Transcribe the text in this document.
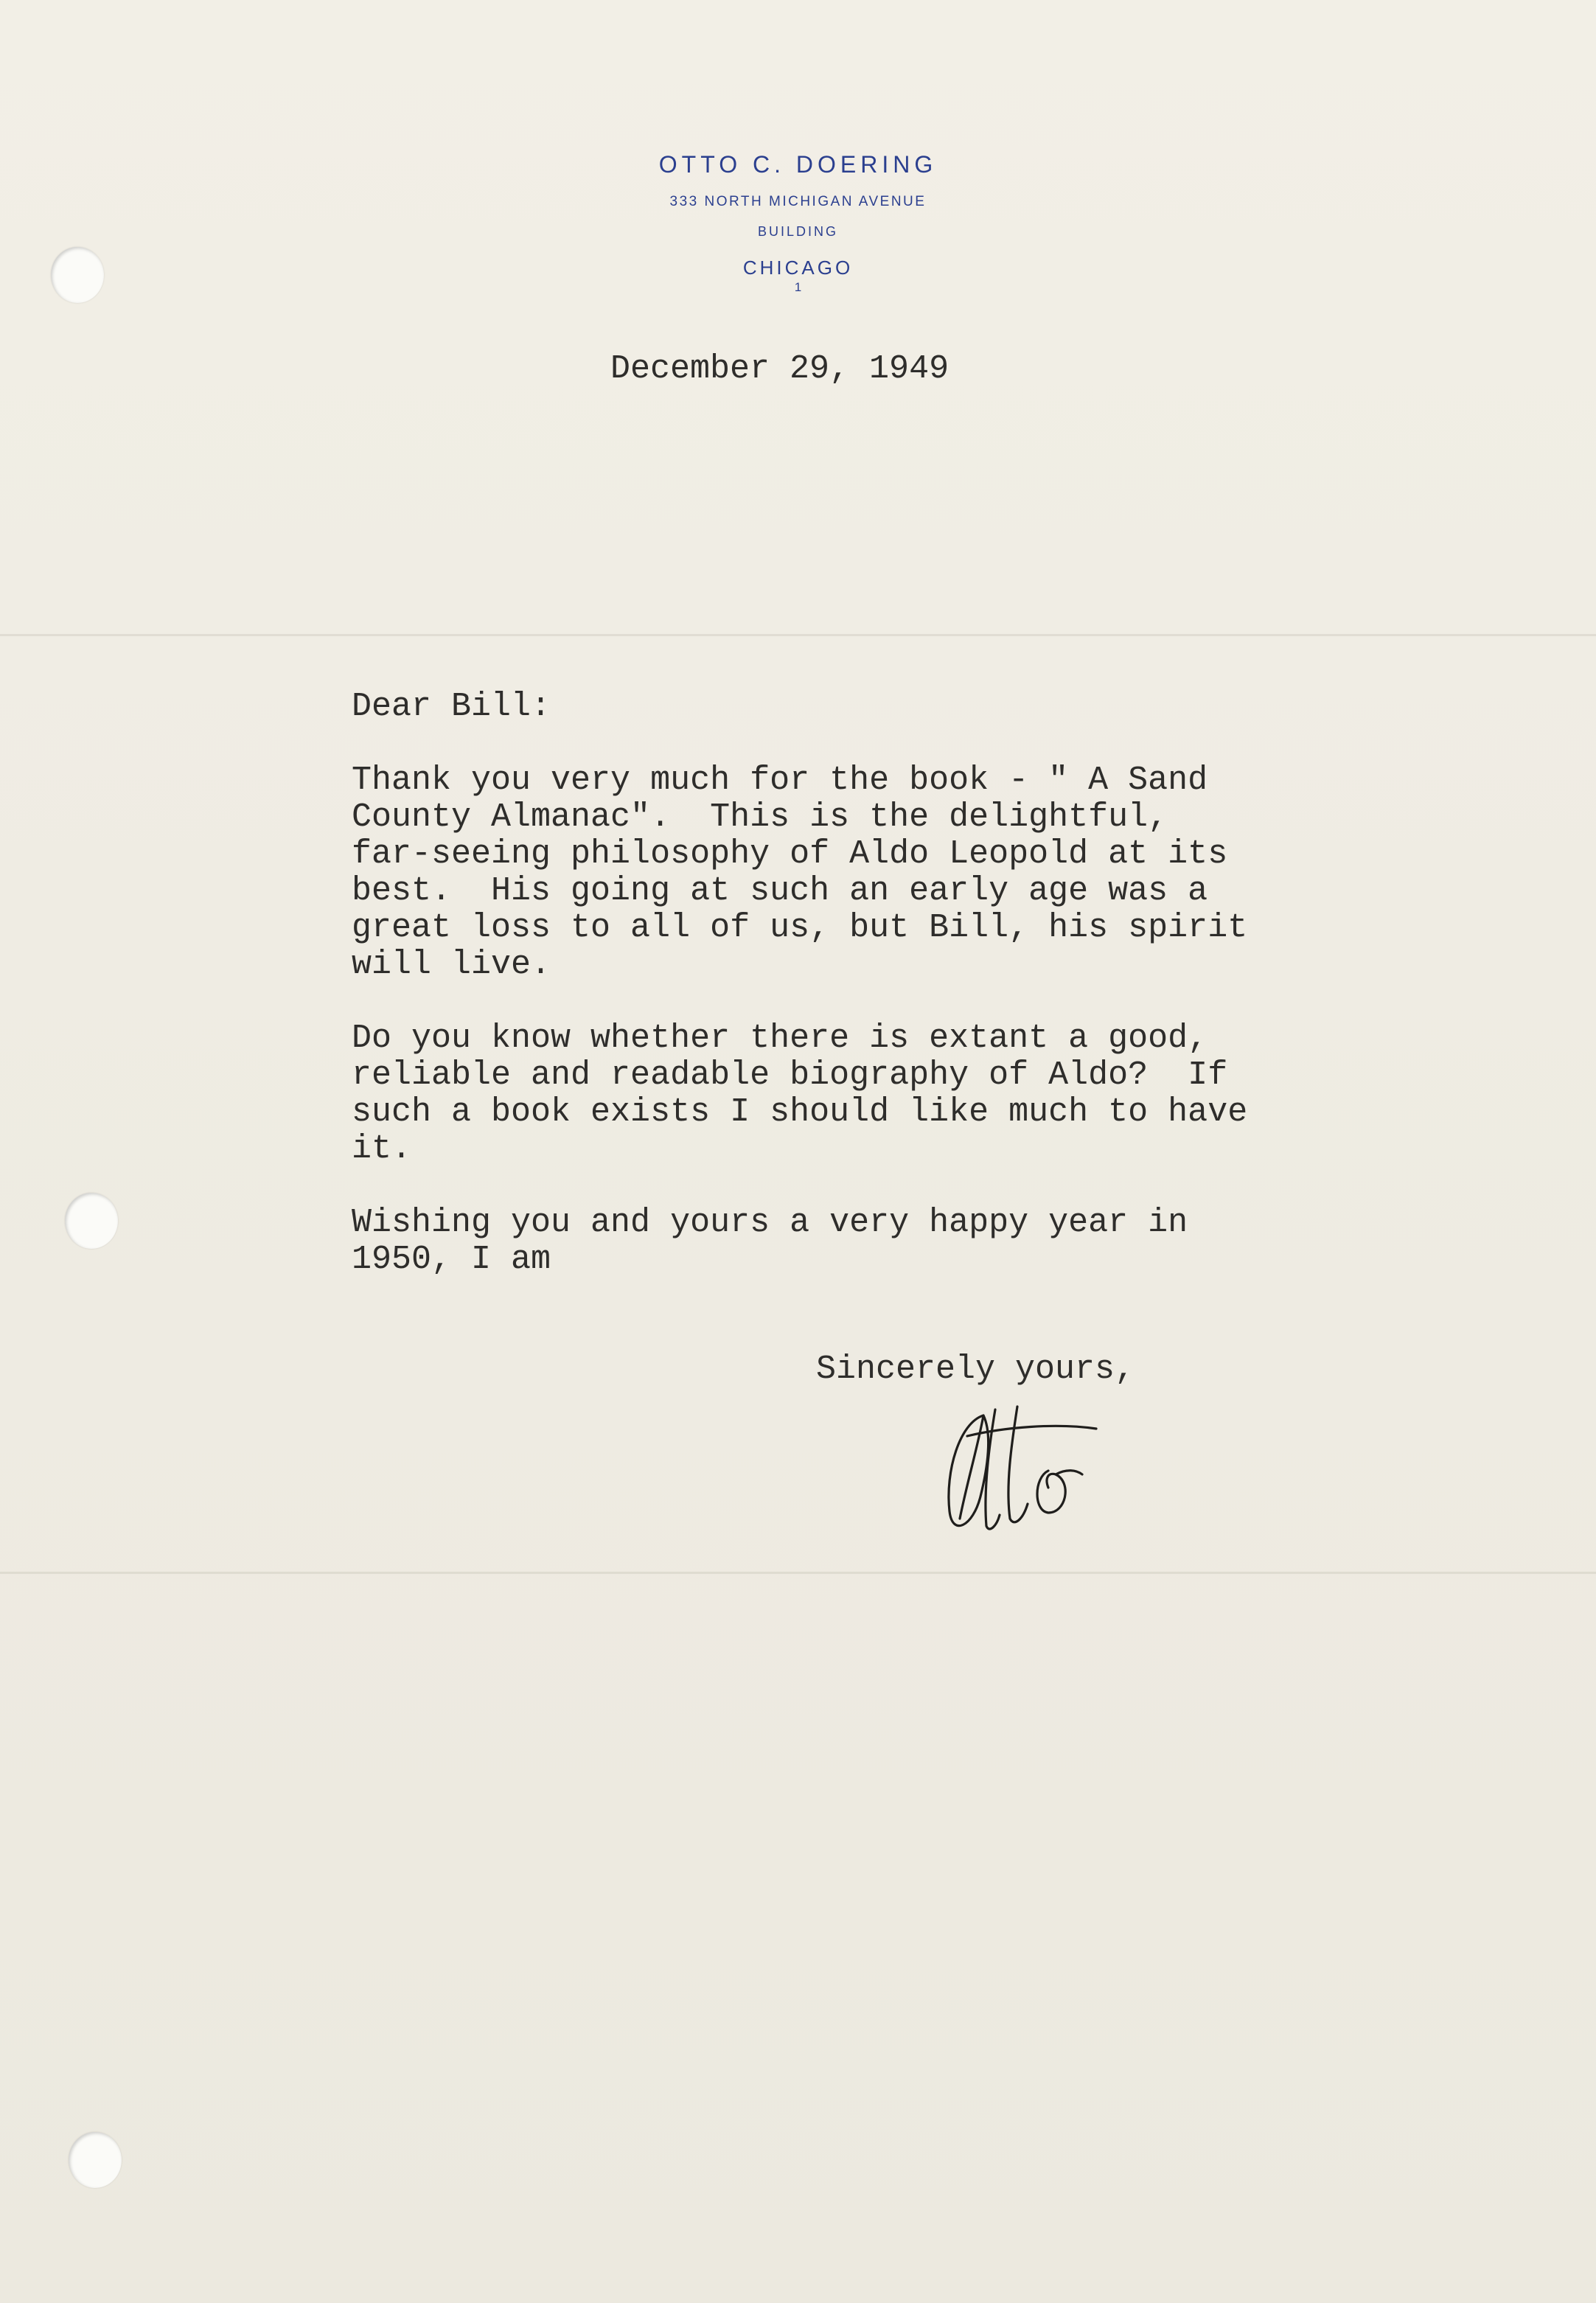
OTTO C. DOERING
333 NORTH MICHIGAN AVENUE
BUILDING
CHICAGO
1
December 29, 1949
Dear Bill:
Thank you very much for the book - " A Sand
County Almanac".  This is the delightful,
far-seeing philosophy of Aldo Leopold at its
best.  His going at such an early age was a
great loss to all of us, but Bill, his spirit
will live.
Do you know whether there is extant a good,
reliable and readable biography of Aldo?  If
such a book exists I should like much to have
it.
Wishing you and yours a very happy year in
1950, I am
Sincerely yours,
